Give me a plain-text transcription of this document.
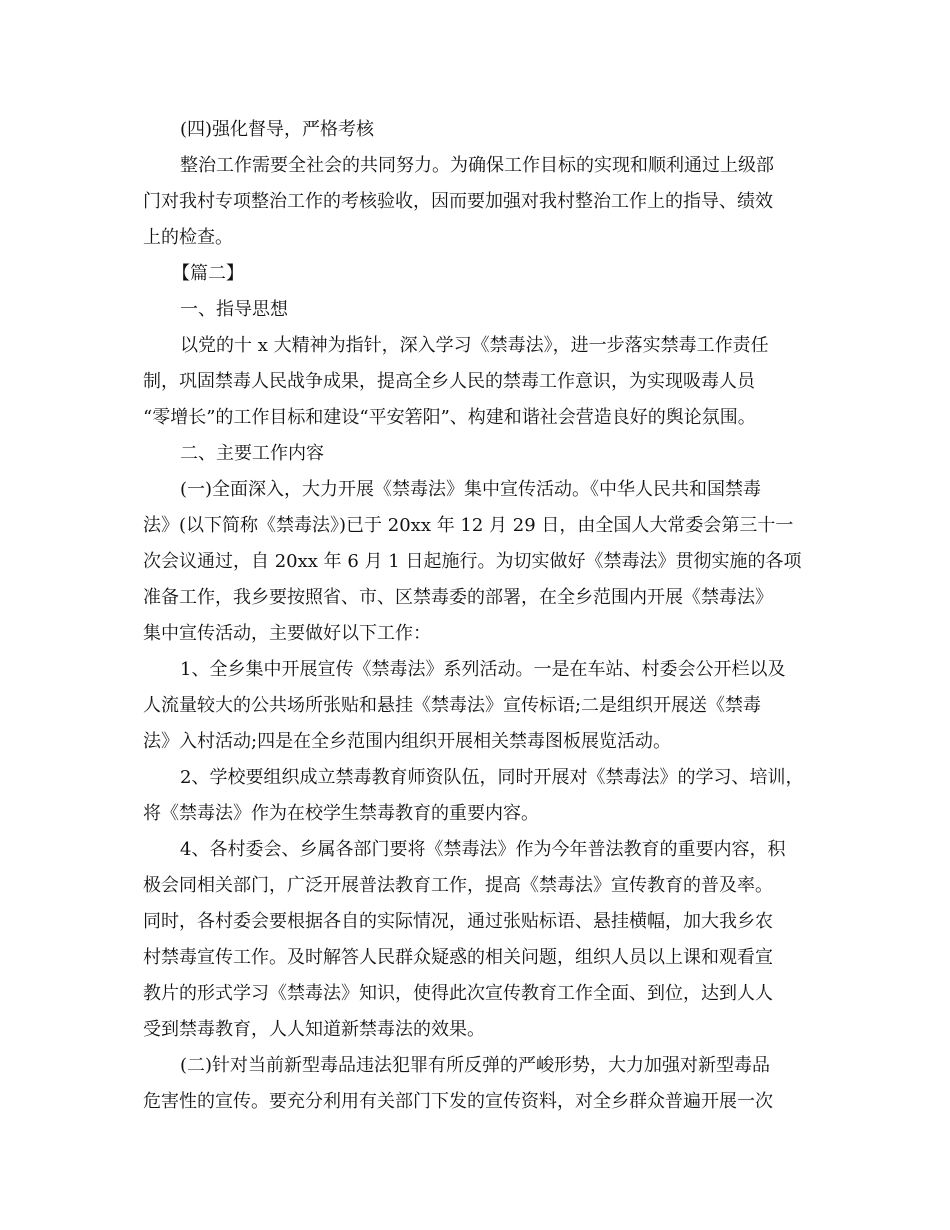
(四)强化督导，严格考核
整治工作需要全社会的共同努力。为确保工作目标的实现和顺利通过上级部
门对我村专项整治工作的考核验收，因而要加强对我村整治工作上的指导、绩效
上的检查。
【篇二】
一、指导思想
以党的十 x 大精神为指针，深入学习《禁毒法》，进一步落实禁毒工作责任
制，巩固禁毒人民战争成果，提高全乡人民的禁毒工作意识，为实现吸毒人员
“零增长”的工作目标和建设“平安箬阳”、构建和谐社会营造良好的舆论氛围。
二、主要工作内容
(一)全面深入，大力开展《禁毒法》集中宣传活动。《中华人民共和国禁毒
法》(以下简称《禁毒法》)已于 20xx 年 12 月 29 日，由全国人大常委会第三十一
次会议通过，自 20xx 年 6 月 1 日起施行。为切实做好《禁毒法》贯彻实施的各项
准备工作，我乡要按照省、市、区禁毒委的部署，在全乡范围内开展《禁毒法》
集中宣传活动，主要做好以下工作：
1、全乡集中开展宣传《禁毒法》系列活动。一是在车站、村委会公开栏以及
人流量较大的公共场所张贴和悬挂《禁毒法》宣传标语;二是组织开展送《禁毒
法》入村活动;四是在全乡范围内组织开展相关禁毒图板展览活动。
2、学校要组织成立禁毒教育师资队伍，同时开展对《禁毒法》的学习、培训，
将《禁毒法》作为在校学生禁毒教育的重要内容。
4、各村委会、乡属各部门要将《禁毒法》作为今年普法教育的重要内容，积
极会同相关部门，广泛开展普法教育工作，提高《禁毒法》宣传教育的普及率。
同时，各村委会要根据各自的实际情况，通过张贴标语、悬挂横幅，加大我乡农
村禁毒宣传工作。及时解答人民群众疑惑的相关问题，组织人员以上课和观看宣
教片的形式学习《禁毒法》知识，使得此次宣传教育工作全面、到位，达到人人
受到禁毒教育，人人知道新禁毒法的效果。
(二)针对当前新型毒品违法犯罪有所反弹的严峻形势，大力加强对新型毒品
危害性的宣传。要充分利用有关部门下发的宣传资料，对全乡群众普遍开展一次
